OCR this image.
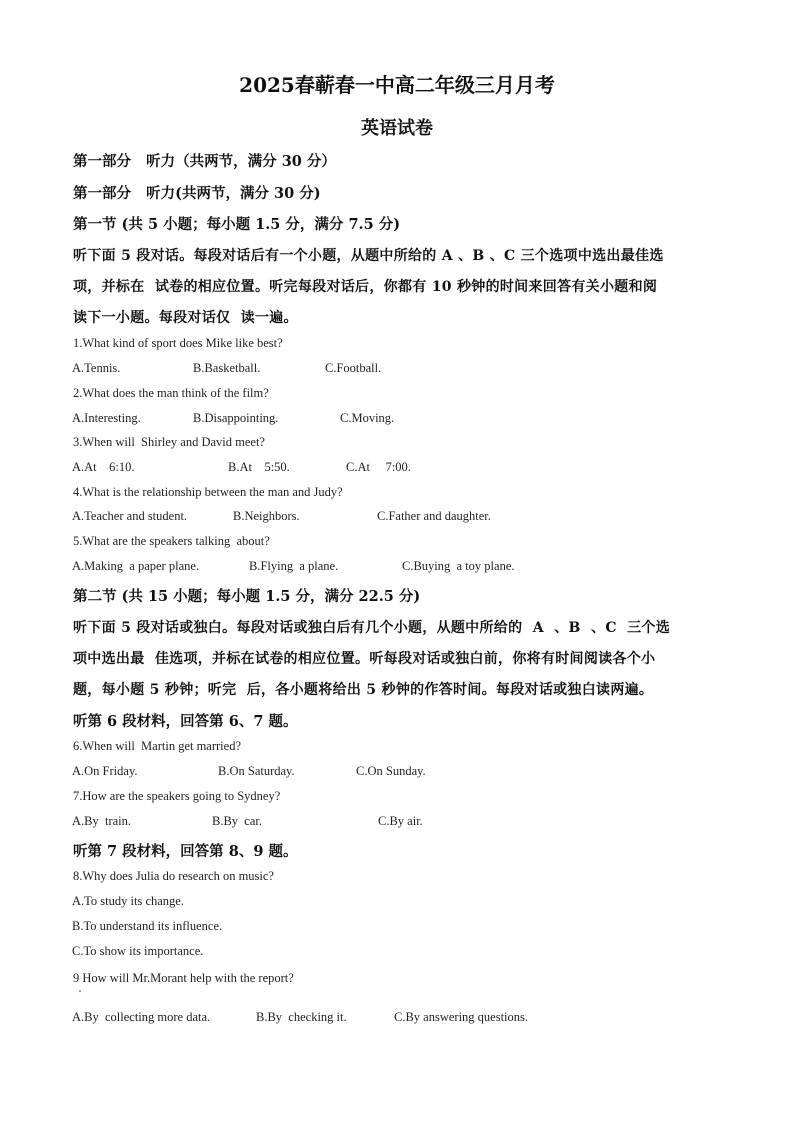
2025春蕲春一中高二年级三月月考
英语试卷
第一部分   听力（共两节，满分 30 分）
第一部分   听力(共两节，满分 30 分)
第一节 (共 5 小题；每小题 1.5 分，满分 7.5 分)
听下面 5 段对话。每段对话后有一个小题，从题中所给的 A 、B 、C 三个选项中选出最佳选
项，并标在  试卷的相应位置。听完每段对话后，你都有 10 秒钟的时间来回答有关小题和阅
读下一小题。每段对话仅  读一遍。
1.What kind of sport does Mike like best?
A.Tennis.	B.Basketball.	C.Football.
2.What does the man think of the film?
A.Interesting.	B.Disappointing.	C.Moving.
3.When will  Shirley and David meet?
A.At    6:10.	B.At    5:50.	C.At     7:00.
4.What is the relationship between the man and Judy?
A.Teacher and student.	B.Neighbors.	C.Father and daughter.
5.What are the speakers talking  about?
A.Making  a paper plane.	B.Flying  a plane.	C.Buying  a toy plane.
第二节 (共 15 小题；每小题 1.5 分，满分 22.5 分)
听下面 5 段对话或独白。每段对话或独白后有几个小题，从题中所给的  A  、B  、C  三个选
项中选出最  佳选项，并标在试卷的相应位置。听每段对话或独白前，你将有时间阅读各个小
题，每小题 5 秒钟；听完  后，各小题将给出 5 秒钟的作答时间。每段对话或独白读两遍。
听第 6 段材料，回答第 6、7 题。
6.When will  Martin get married?
A.On Friday.	B.On Saturday.	C.On Sunday.
7.How are the speakers going to Sydney?
A.By  train.	B.By  car.	C.By air.
听第 7 段材料，回答第 8、9 题。
8.Why does Julia do research on music?
A.To study its change.
B.To understand its influence.
C.To show its importance.
9 How will Mr.Morant help with the report?
A.By  collecting more data.	B.By  checking it.	C.By answering questions.
